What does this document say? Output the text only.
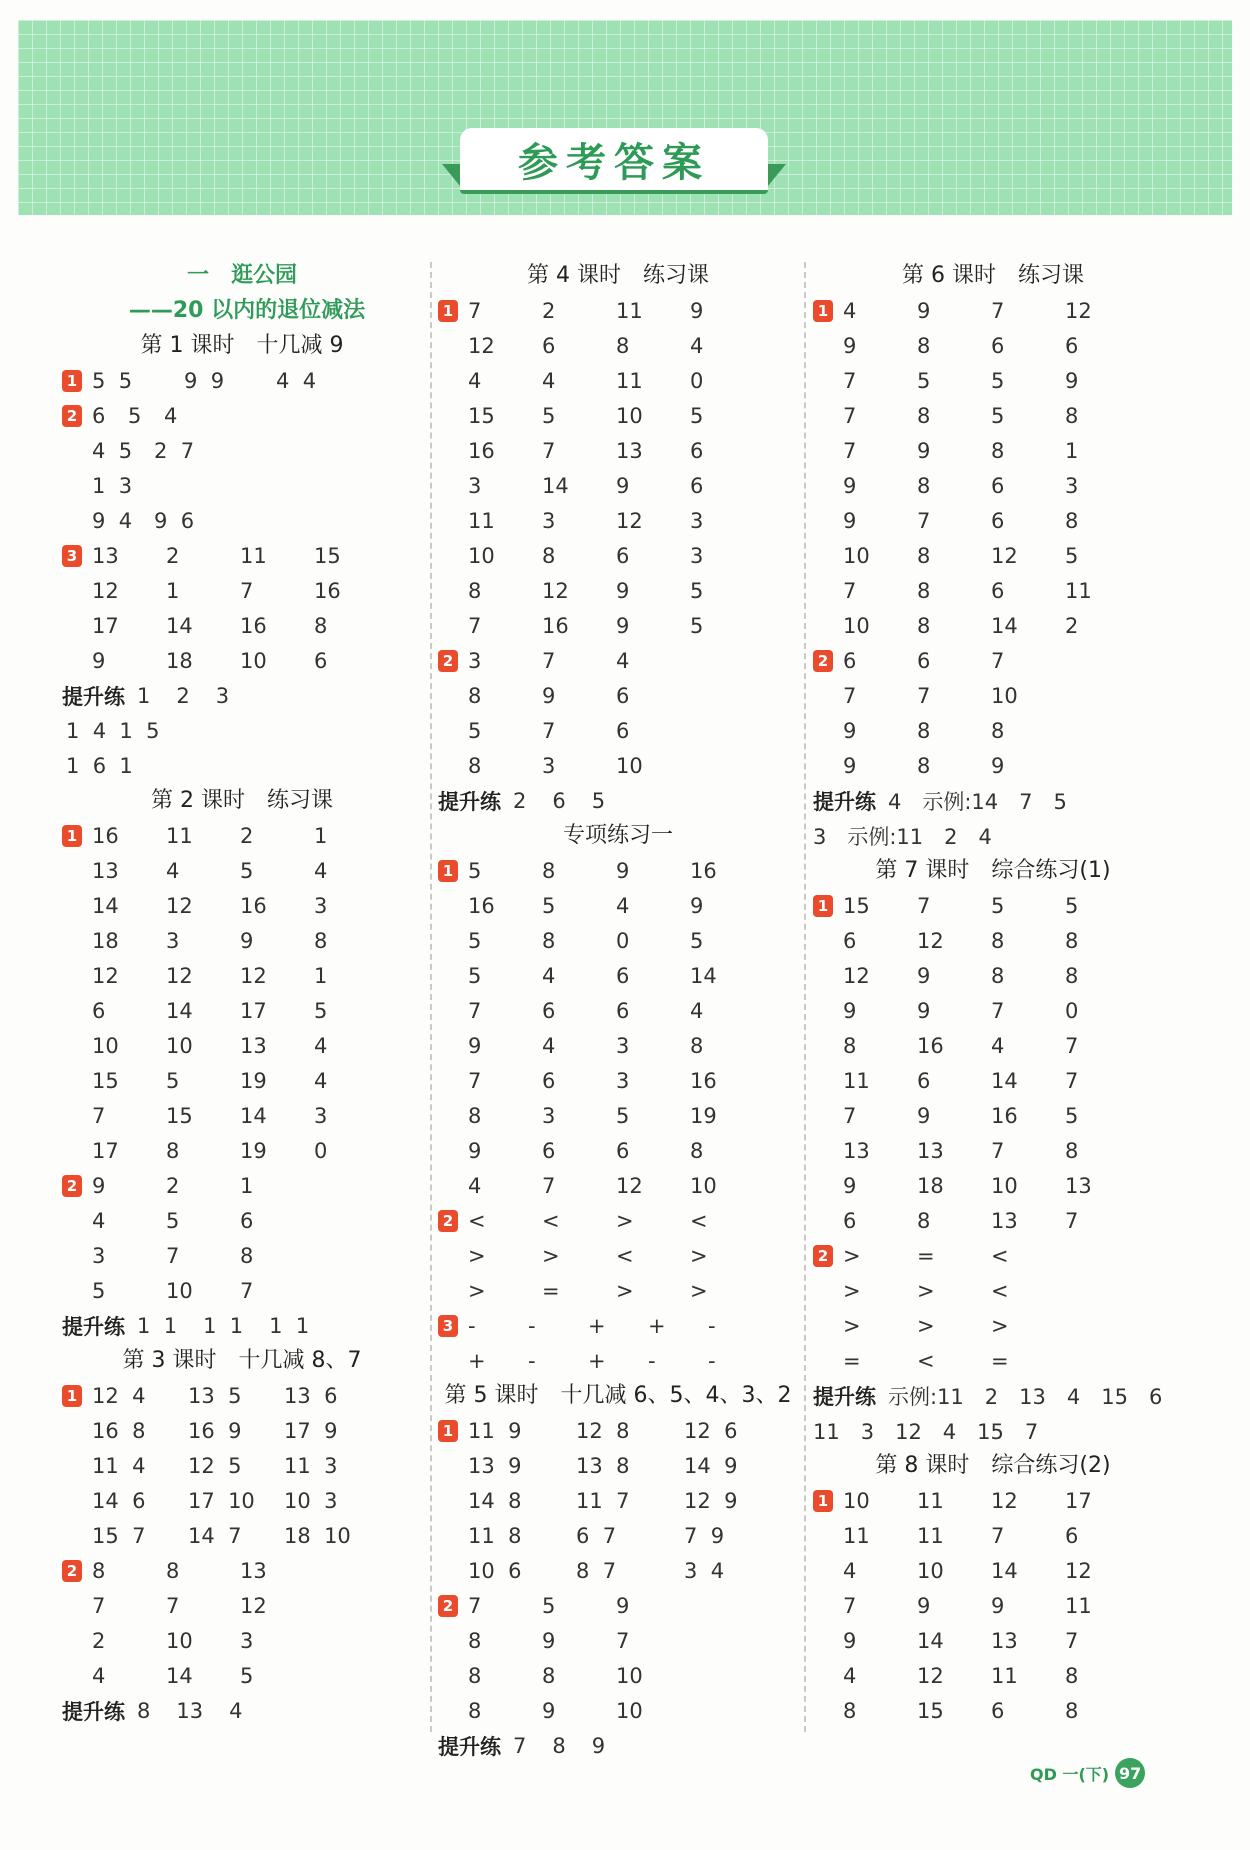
参考答案
一　逛公园
——20 以内的退位减法
第 1 课时　十几减 9
1 5  5	9  9	4  4
2 6	5	4
4  5	2  7
1  3
9  4	9  6
3 13	2	11	15
12	1	7	16
17	14	16	8
9	18	10	6
提升练 1 2 3
1  4  1  5
1  6  1
第 2 课时　练习课
1 16	11	2	1
13	4	5	4
14	12	16	3
18	3	9	8
12	12	12	1
6	14	17	5
10	10	13	4
15	5	19	4
7	15	14	3
17	8	19	0
2 9	2	1
4	5	6
3	7	8
5	10	7
提升练 1  1 1  1 1  1
第 3 课时　十几减 8、7
1 12  4	13  5	13  6
16  8	16  9	17  9
11  4	12  5	11  3
14  6	17  10	10  3
15  7	14  7	18  10
2 8	8	13
7	7	12
2	10	3
4	14	5
提升练 8 13 4
第 4 课时　练习课
1 7	2	11	9
12	6	8	4
4	4	11	0
15	5	10	5
16	7	13	6
3	14	9	6
11	3	12	3
10	8	6	3
8	12	9	5
7	16	9	5
2 3	7	4
8	9	6
5	7	6
8	3	10
提升练 2 6 5
专项练习一
1 5	8	9	16
16	5	4	9
5	8	0	5
5	4	6	14
7	6	6	4
9	4	3	8
7	6	3	16
8	3	5	19
9	6	6	8
4	7	12	10
2 <	<	>	<
>	>	<	>
>	=	>	>
3 -	-	+	+	-
+	-	+	-	-
第 5 课时　十几减 6、5、4、3、2
1 11  9	12  8	12  6
13  9	13  8	14  9
14  8	11  7	12  9
11  8	6  7	7  9
10  6	8  7	3  4
2 7	5	9
8	9	7
8	8	10
8	9	10
提升练 7 8 9
第 6 课时　练习课
1 4	9	7	12
9	8	6	6
7	5	5	9
7	8	5	8
7	9	8	1
9	8	6	3
9	7	6	8
10	8	12	5
7	8	6	11
10	8	14	2
2 6	6	7
7	7	10
9	8	8
9	8	9
提升练 4　示例:14　7　5
3　示例:11　2　4
第 7 课时　综合练习(1)
1 15	7	5	5
6	12	8	8
12	9	8	8
9	9	7	0
8	16	4	7
11	6	14	7
7	9	16	5
13	13	7	8
9	18	10	13
6	8	13	7
2 >	=	<
>	>	<
>	>	>
=	<	=
提升练 示例:11　2　13　4　15　6
11　3　12　4　15　7
第 8 课时　综合练习(2)
1 10	11	12	17
11	11	7	6
4	10	14	12
7	9	9	11
9	14	13	7
4	12	11	8
8	15	6	8
QD 一(下) 97
